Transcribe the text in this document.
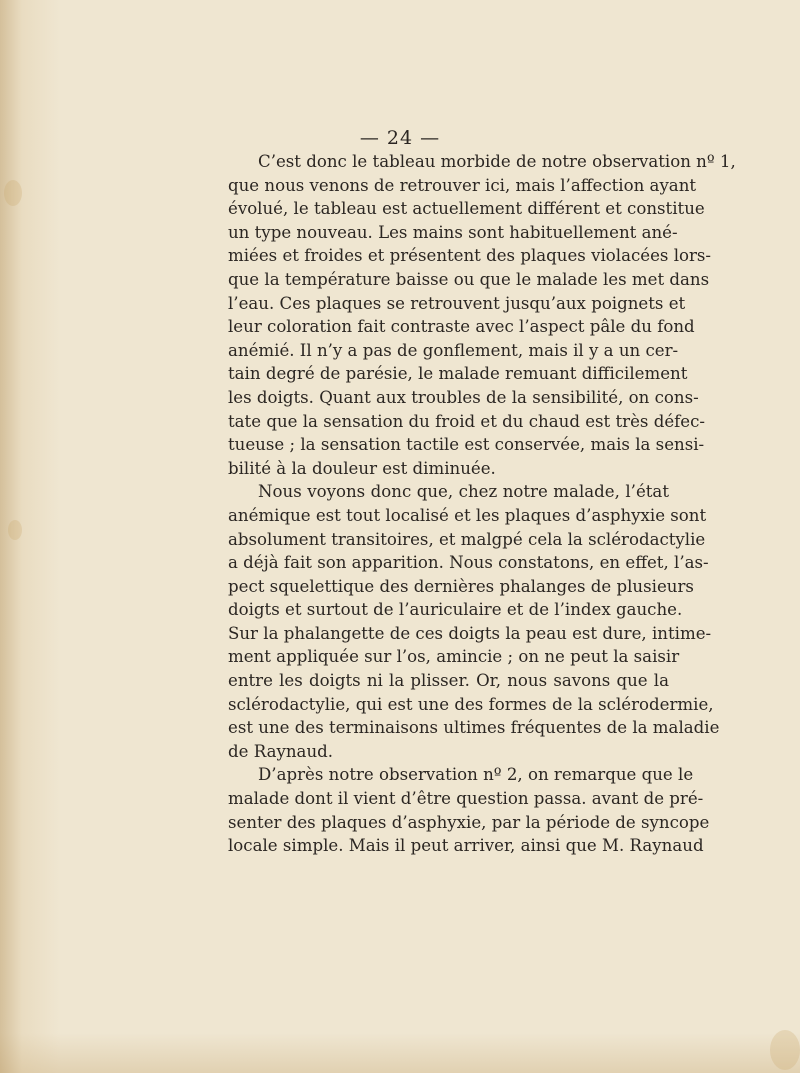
— 24 —
C’est donc le tableau morbide de notre observation nº 1,
que nous venons de retrouver ici, mais l’affection ayant
évolué, le tableau est actuellement différent et constitue
un type nouveau. Les mains sont habituellement ané-
miées et froides et présentent des plaques violacées lors-
que la température baisse ou que le malade les met dans
l’eau. Ces plaques se retrouvent jusqu’aux poignets et
leur coloration fait contraste avec l’aspect pâle du fond
anémié. Il n’y a pas de gonflement, mais il y a un cer-
tain degré de parésie, le malade remuant difficilement
les doigts. Quant aux troubles de la sensibilité, on cons-
tate que la sensation du froid et du chaud est très défec-
tueuse ; la sensation tactile est conservée, mais la sensi-
bilité à la douleur est diminuée.
Nous voyons donc que, chez notre malade, l’état
anémique est tout localisé et les plaques d’asphyxie sont
absolument transitoires, et malgpé cela la sclérodactylie
a déjà fait son apparition. Nous constatons, en effet, l’as-
pect squelettique des dernières phalanges de plusieurs
doigts et surtout de l’auriculaire et de l’index gauche.
Sur la phalangette de ces doigts la peau est dure, intime-
ment appliquée sur l’os, amincie ; on ne peut la saisir
entre les doigts ni la plisser. Or, nous savons que la
sclérodactylie, qui est une des formes de la sclérodermie,
est une des terminaisons ultimes fréquentes de la maladie
de Raynaud.
D’après notre observation nº 2, on remarque que le
malade dont il vient d’être question passa. avant de pré-
senter des plaques d’asphyxie, par la période de syncope
locale simple. Mais il peut arriver, ainsi que M. Raynaud
